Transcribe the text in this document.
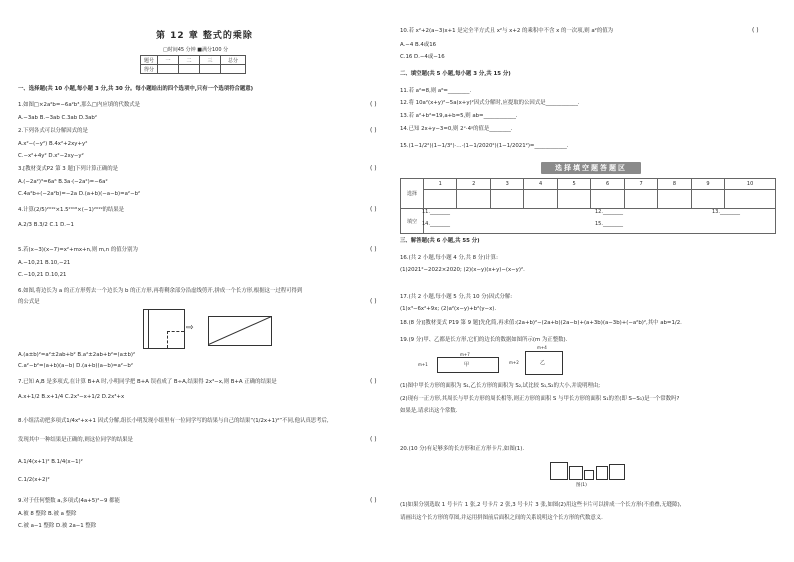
第 12 章 整式的乘除
□时间45 分钟 ■满分100 分
题号	一	二	三	总分
得分				
一、选择题(共 10 小题,每小题 3 分,共 30 分。每小题给出的四个选项中,只有一个选项符合题意)
1.如图□×2a²b=−6a²b³,那么□内应填的代数式是	( )
A.−3ab B.−3ab C.3ab D.3ab²
2.下列各式可以分解因式的是	( )
A.x²−(−y²) B.4x²+2xy+y²
C.−x²+4y² D.x²−2xy−y²
3.[教材变式P2 第 3 题]下列计算正确的是	( )
A.(−2a²)³=6a⁶ B.3a·(−2a²)=−6a²
C.4a²b÷(−2a²b)=−2a D.(a+b)(−a−b)=a²−b²
4.计算(2/5)²⁰¹⁹×1.5²⁰¹⁸×(−1)²⁰¹⁹的结果是	( )
A.2/3 B.3/2 C.1 D.−1
5.若(x−3)(x−7)=x²+mx+n,则 m,n 的值分别为	( )
A.−10,21 B.10,−21
C.−10,21 D.10,21
6.如图,将边长为 a 的正方形剪去一个边长为 b 的正方形,再将剩余部分沿虚线剪开,拼成一个长方形,根据这一过程可得到
的公式是	( )
⇨
A.(a±b)²=a²±2ab+b² B.a²±2ab+b²=(a±b)²
C.a²−b²=(a+b)(a−b) D.(a+b)(a−b)=a²−b²
7.已知 A,B 是多项式,在计算 B+A 时,小明同学把 B+A 误看成了 B÷A,结果得 2x³−x,则 B+A 正确的结果是	( )
A.x+1/2 B.x+1/4 C.2x³−x+1/2 D.2x³+x
8.小组活动把多项式1/4x²+x+1 因式分解,组长小明发现小组里有一位同学写的结果与自己的结果“(1/2x+1)²”不同,他认真思考后,
发现其中一种结果是正确的,则这位同学的结果是	( )
A.1/4(x+1)² B.1/4(x−1)²
C.1/2(x+2)²
9.对于任何整数 a,多项式(4a+5)²−9 都能	( )
A.被 8 整除 B.被 a 整除
C.被 a−1 整除 D.被 2a−1 整除
10.若 x²+2(a−3)x+1 是完全平方式且 x²与 x+2 的乘积中不含 x 的一次项,则 a²的值为	( )
A.−4 B.4或16
C.16 D.−4或−16
二、填空题(共 5 小题,每小题 3 分,共 15 分)
11.若 a²=8,则 a⁶=________.
12.将 10a²(x+y)²−5a(x+y)²因式分解时,应提取的公因式是____________.
13.若 a²+b²=19,a+b=5,则 ab=____________.
14.已知 2x+y−3=0,则 2ˣ·4ʸ的值是________.
15.(1−1/2²)(1−1/3²)·…·(1−1/2020²)(1−1/2021²)=____________.
选择填空题答题区
选择	1	2	3	4	5	6	7	8	9	10

填空										
11.________	12.________	13.________
14.________	15.________
三、解答题(共 6 小题,共 55 分)
16.(共 2 小题,每小题 4 分,共 8 分)计算:
(1)2021²−2022×2020; (2)(x−y)(x+y)−(x−y)².
17.(共 2 小题,每小题 5 分,共 10 分)因式分解:
(1)x³−6x²+9x; (2)a²(x−y)+b²(y−x).
18.(8 分)[教材变式 P19 第 9 题]先化简,再求值:(2a+b)²−(2a+b)(2a−b)+(a+3b)(a−3b)+(−a²b)²,其中 ab=1/2.
19.(9 分)甲、乙都是长方形,它们的边长的数据如图所示(m 为正整数).
m+1
m+7
甲	m+2
m+4
乙
(1)图中甲长方形的面积为 S₁,乙长方形的面积为 S₂,试比较 S₁,S₂的大小,并说明理由;
(2)现有一正方形,其周长与甲长方形的周长相等,则正方形的面积 S 与甲长方形的面积 S₁的差(即 S−S₁)是一个常数吗?
如果是,请求出这个常数.
20.(10 分)有足够多的长方形和正方形卡片,如图(1).
图(1)
(1)如果分别选取 1 号卡片 1 张,2 号卡片 2 张,3 号卡片 3 张,如图(2)用这些卡片可以拼成一个长方形(不重叠,无缝隙),
请画出这个长方形的草图,并运用拼图前后面积之间的关系说明这个长方形的代数意义.
